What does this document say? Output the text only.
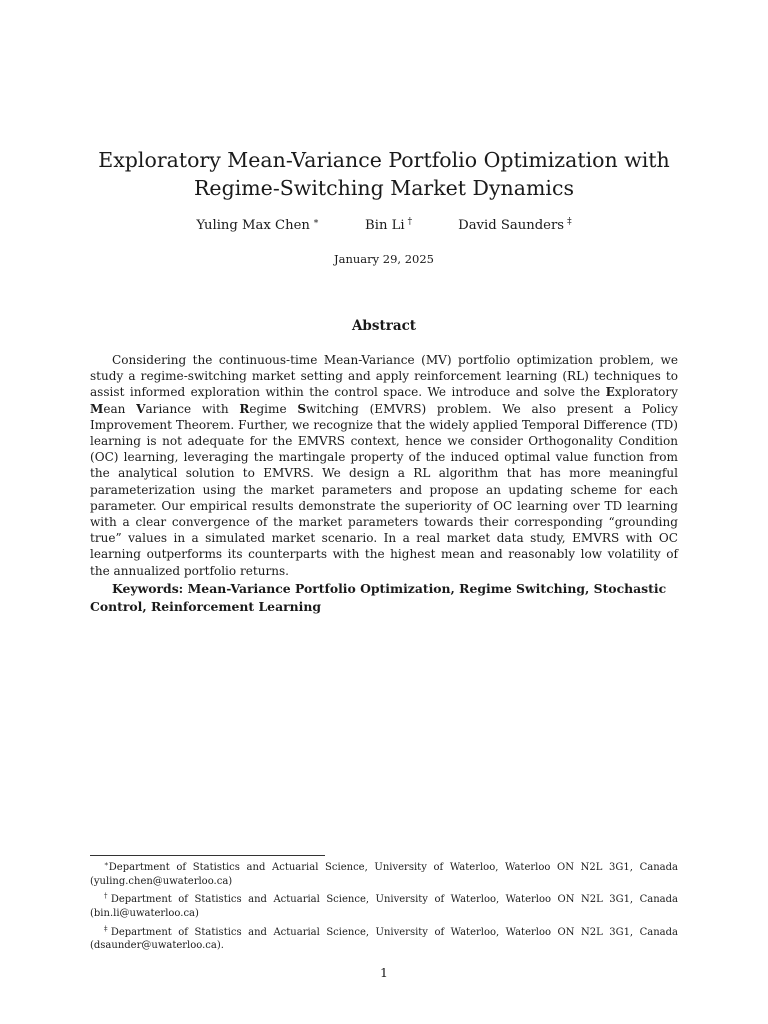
Exploratory Mean-Variance Portfolio Optimization with
Regime-Switching Market Dynamics
Yuling Max Chen ∗	Bin Li †	David Saunders ‡
January 29, 2025
Abstract

Considering the continuous-time Mean-Variance (MV) portfolio optimization problem, we study a regime-switching market setting and apply reinforcement learning (RL) techniques to assist informed exploration within the control space. We introduce and solve the Exploratory Mean Variance with Regime Switching (EMVRS) problem. We also present a Policy Improvement Theorem. Further, we recognize that the widely applied Temporal Difference (TD) learning is not adequate for the EMVRS context, hence we consider Orthogonality Condition (OC) learning, leveraging the martingale property of the induced optimal value function from the analytical solution to EMVRS. We design a RL algorithm that has more meaningful parameterization using the market parameters and propose an updating scheme for each parameter. Our empirical results demonstrate the superiority of OC learning over TD learning with a clear convergence of the market parameters towards their corresponding “grounding true” values in a simulated market scenario. In a real market data study, EMVRS with OC learning outperforms its counterparts with the highest mean and reasonably low volatility of the annualized portfolio returns.

Keywords: Mean-Variance Portfolio Optimization, Regime Switching, Stochastic Control, Reinforcement Learning

∗Department of Statistics and Actuarial Science, University of Waterloo, Waterloo ON N2L 3G1, Canada (yuling.chen@uwaterloo.ca)

†Department of Statistics and Actuarial Science, University of Waterloo, Waterloo ON N2L 3G1, Canada (bin.li@uwaterloo.ca)

‡Department of Statistics and Actuarial Science, University of Waterloo, Waterloo ON N2L 3G1, Canada (dsaunder@uwaterloo.ca).

1
